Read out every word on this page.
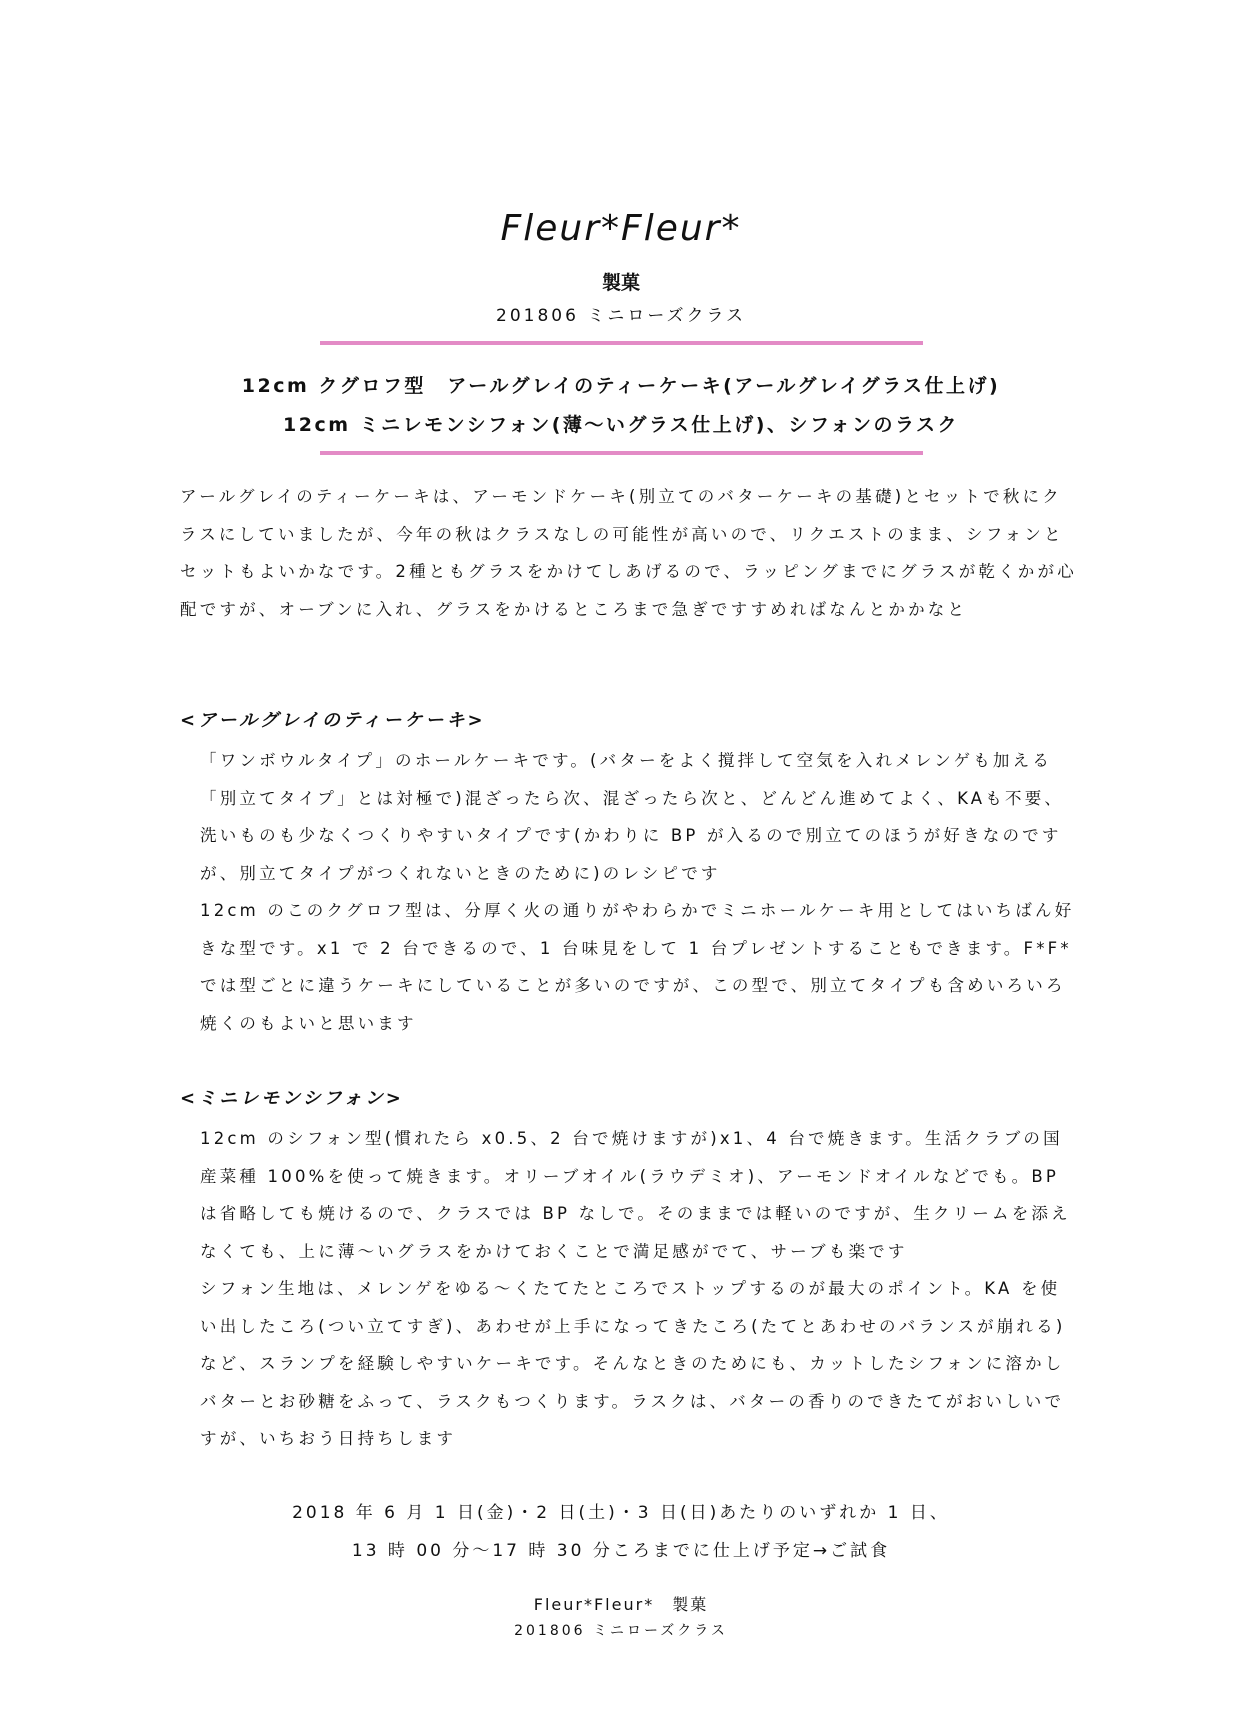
Fleur*Fleur*
製菓
201806 ミニローズクラス
12cm クグロフ型　アールグレイのティーケーキ(アールグレイグラス仕上げ)
12cm ミニレモンシフォン(薄～いグラス仕上げ)、シフォンのラスク

アールグレイのティーケーキは、アーモンドケーキ(別立てのバターケーキの基礎)とセットで秋にクラスにしていましたが、今年の秋はクラスなしの可能性が高いので、リクエストのまま、シフォンとセットもよいかなです。2種ともグラスをかけてしあげるので、ラッピングまでにグラスが乾くかが心配ですが、オーブンに入れ、グラスをかけるところまで急ぎですすめればなんとかかなと

<アールグレイのティーケーキ>

「ワンボウルタイプ」のホールケーキです。(バターをよく撹拌して空気を入れメレンゲも加える「別立てタイプ」とは対極で)混ざったら次、混ざったら次と、どんどん進めてよく、KAも不要、洗いものも少なくつくりやすいタイプです(かわりに BP が入るので別立てのほうが好きなのですが、別立てタイプがつくれないときのために)のレシピです
12cm のこのクグロフ型は、分厚く火の通りがやわらかでミニホールケーキ用としてはいちばん好きな型です。x1 で 2 台できるので、1 台味見をして 1 台プレゼントすることもできます。F*F*では型ごとに違うケーキにしていることが多いのですが、この型で、別立てタイプも含めいろいろ焼くのもよいと思います

<ミニレモンシフォン>

12cm のシフォン型(慣れたら x0.5、2 台で焼けますが)x1、4 台で焼きます。生活クラブの国産菜種 100%を使って焼きます。オリーブオイル(ラウデミオ)、アーモンドオイルなどでも。BP は省略しても焼けるので、クラスでは BP なしで。そのままでは軽いのですが、生クリームを添えなくても、上に薄～いグラスをかけておくことで満足感がでて、サーブも楽です
シフォン生地は、メレンゲをゆる～くたてたところでストップするのが最大のポイント。KA を使い出したころ(つい立てすぎ)、あわせが上手になってきたころ(たてとあわせのバランスが崩れる)など、スランプを経験しやすいケーキです。そんなときのためにも、カットしたシフォンに溶かしバターとお砂糖をふって、ラスクもつくります。ラスクは、バターの香りのできたてがおいしいですが、いちおう日持ちします

2018 年 6 月 1 日(金)・2 日(土)・3 日(日)あたりのいずれか 1 日、
13 時 00 分～17 時 30 分ころまでに仕上げ予定→ご試食
Fleur*Fleur*　 製菓
201806 ミニローズクラス
